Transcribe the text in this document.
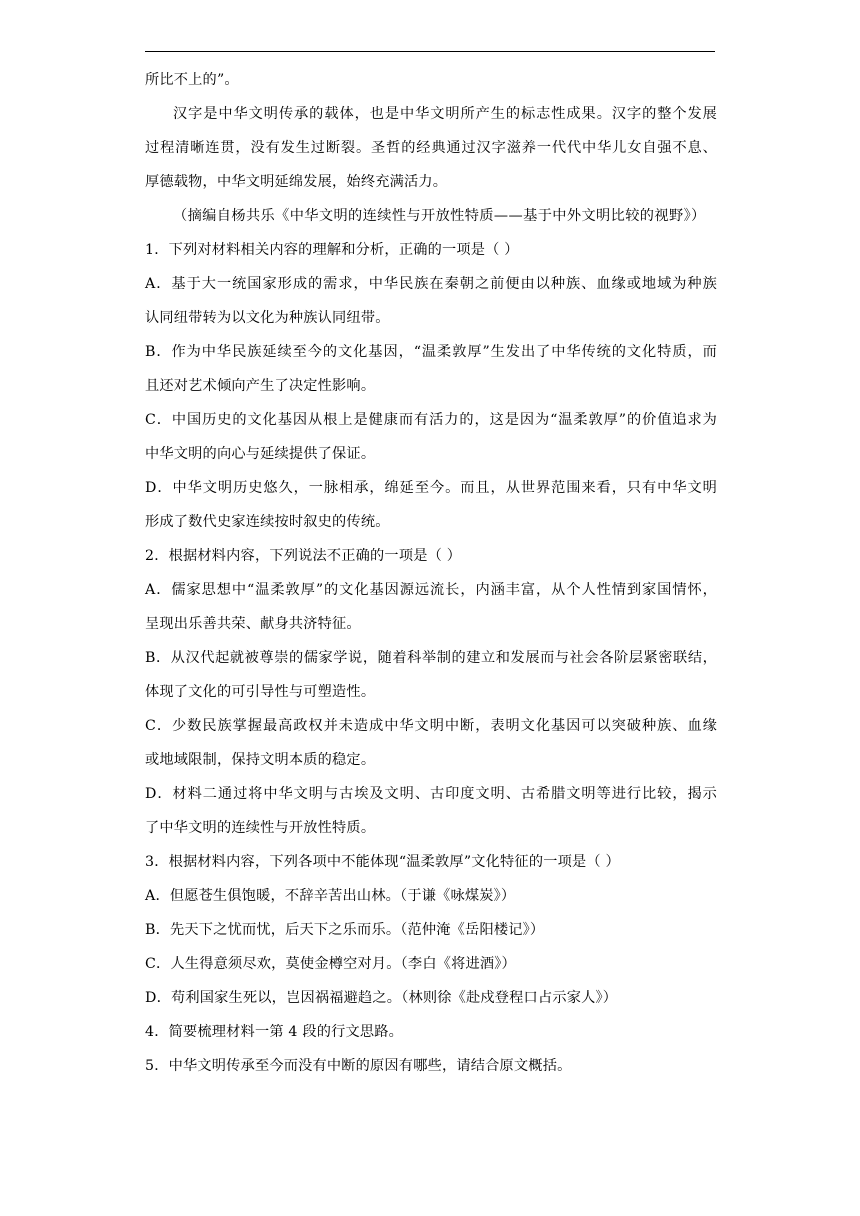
所比不上的”。
汉字是中华文明传承的载体，也是中华文明所产生的标志性成果。汉字的整个发展
过程清晰连贯，没有发生过断裂。圣哲的经典通过汉字滋养一代代中华儿女自强不息、
厚德载物，中华文明延绵发展，始终充满活力。
（摘编自杨共乐《中华文明的连续性与开放性特质——基于中外文明比较的视野》）
1．下列对材料相关内容的理解和分析，正确的一项是（ ）
A．基于大一统国家形成的需求，中华民族在秦朝之前便由以种族、血缘或地域为种族
认同纽带转为以文化为种族认同纽带。
B．作为中华民族延续至今的文化基因，“温柔敦厚”生发出了中华传统的文化特质，而
且还对艺术倾向产生了决定性影响。
C．中国历史的文化基因从根上是健康而有活力的，这是因为“温柔敦厚”的价值追求为
中华文明的向心与延续提供了保证。
D．中华文明历史悠久，一脉相承，绵延至今。而且，从世界范围来看，只有中华文明
形成了数代史家连续按时叙史的传统。
2．根据材料内容，下列说法不正确的一项是（ ）
A．儒家思想中“温柔敦厚”的文化基因源远流长，内涵丰富，从个人性情到家国情怀，
呈现出乐善共荣、献身共济特征。
B．从汉代起就被尊崇的儒家学说，随着科举制的建立和发展而与社会各阶层紧密联结，
体现了文化的可引导性与可塑造性。
C．少数民族掌握最高政权并未造成中华文明中断，表明文化基因可以突破种族、血缘
或地域限制，保持文明本质的稳定。
D．材料二通过将中华文明与古埃及文明、古印度文明、古希腊文明等进行比较，揭示
了中华文明的连续性与开放性特质。
3．根据材料内容，下列各项中不能体现“温柔敦厚”文化特征的一项是（ ）
A．但愿苍生俱饱暖，不辞辛苦出山林。（于谦《咏煤炭》）
B．先天下之忧而忧，后天下之乐而乐。（范仲淹《岳阳楼记》）
C．人生得意须尽欢，莫使金樽空对月。（李白《将进酒》）
D．苟利国家生死以，岂因祸福避趋之。（林则徐《赴戍登程口占示家人》）
4．简要梳理材料一第 4 段的行文思路。
5．中华文明传承至今而没有中断的原因有哪些，请结合原文概括。
